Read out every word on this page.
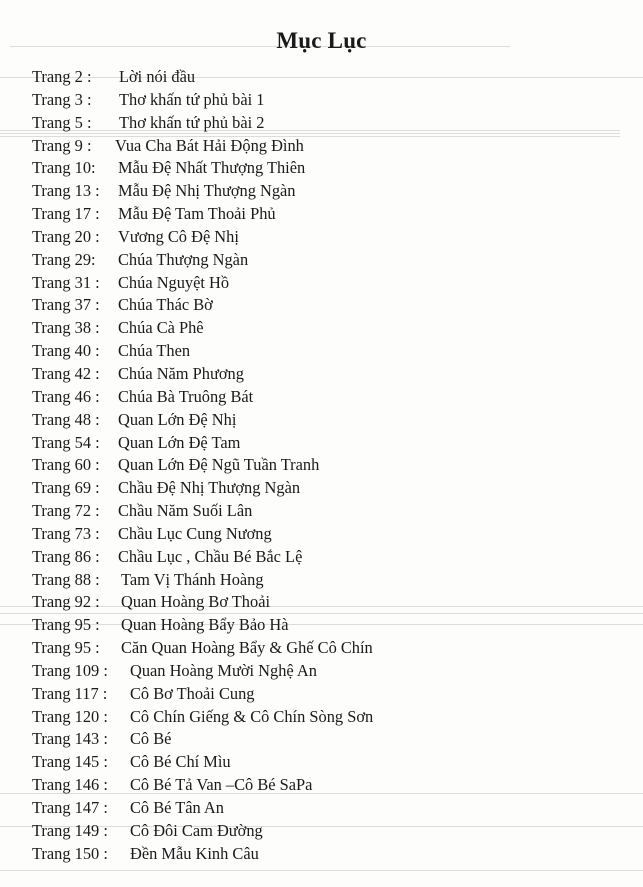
Mục Lục
Trang 2 : Lời nói đầu
Trang 3 : Thơ khấn tứ phủ bài 1
Trang 5 : Thơ khấn tứ phủ bài 2
Trang 9 : Vua Cha Bát Hải Động Đình
Trang 10: Mẫu Đệ Nhất Thượng Thiên
Trang 13 : Mẫu Đệ Nhị Thượng Ngàn
Trang 17 : Mẫu Đệ Tam Thoải Phủ
Trang 20 : Vương Cô Đệ Nhị
Trang 29: Chúa Thượng Ngàn
Trang 31 : Chúa Nguyệt Hồ
Trang 37 : Chúa Thác Bờ
Trang 38 : Chúa Cà Phê
Trang 40 : Chúa Then
Trang 42 : Chúa Năm Phương
Trang 46 : Chúa Bà Truông Bát
Trang 48 : Quan Lớn Đệ Nhị
Trang 54 : Quan Lớn Đệ Tam
Trang 60 : Quan Lớn Đệ Ngũ Tuần Tranh
Trang 69 : Chầu Đệ Nhị Thượng Ngàn
Trang 72 : Chầu Năm Suối Lân
Trang 73 : Chầu Lục Cung Nương
Trang 86 : Chầu Lục , Chầu Bé Bắc Lệ
Trang 88 : Tam Vị Thánh Hoàng
Trang 92 : Quan Hoàng Bơ Thoải
Trang 95 : Quan Hoàng Bẩy Bảo Hà
Trang 95 : Căn Quan Hoàng Bẩy & Ghế Cô Chín
Trang 109 : Quan Hoàng Mười Nghệ An
Trang 117 : Cô Bơ Thoải Cung
Trang 120 : Cô Chín Giếng & Cô Chín Sòng Sơn
Trang 143 : Cô Bé
Trang 145 : Cô Bé Chí Mìu
Trang 146 : Cô Bé Tả Van –Cô Bé SaPa
Trang 147 : Cô Bé Tân An
Trang 149 : Cô Đôi Cam Đường
Trang 150 : Đền Mẫu Kinh Câu
